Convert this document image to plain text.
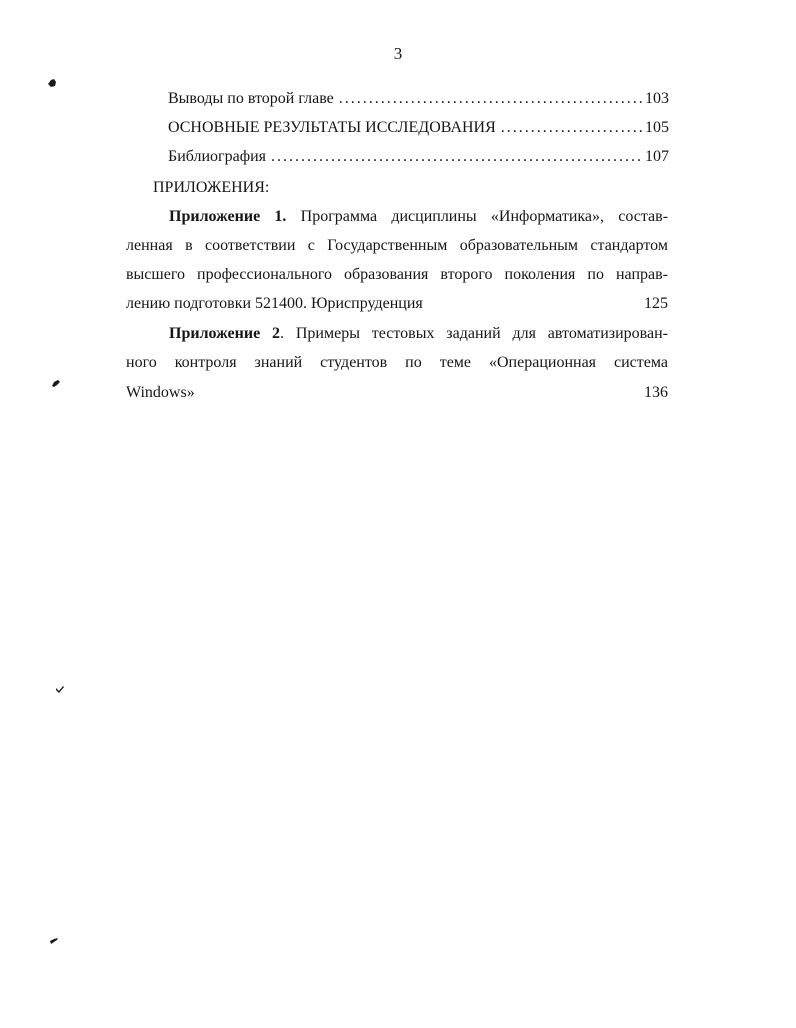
3
Выводы по второй главе .....	103
ОСНОВНЫЕ РЕЗУЛЬТАТЫ ИССЛЕДОВАНИЯ .....	105
Библиография .....	107
ПРИЛОЖЕНИЯ:
Приложение 1. Программа дисциплины «Информатика», состав-
ленная в соответствии с Государственным образовательным стандартом
высшего профессионального образования второго поколения по направ-
лению подготовки 521400. Юриспруденция	125
Приложение 2. Примеры тестовых заданий для автоматизирован-
ного контроля знаний студентов по теме «Операционная система
Windows»	136
